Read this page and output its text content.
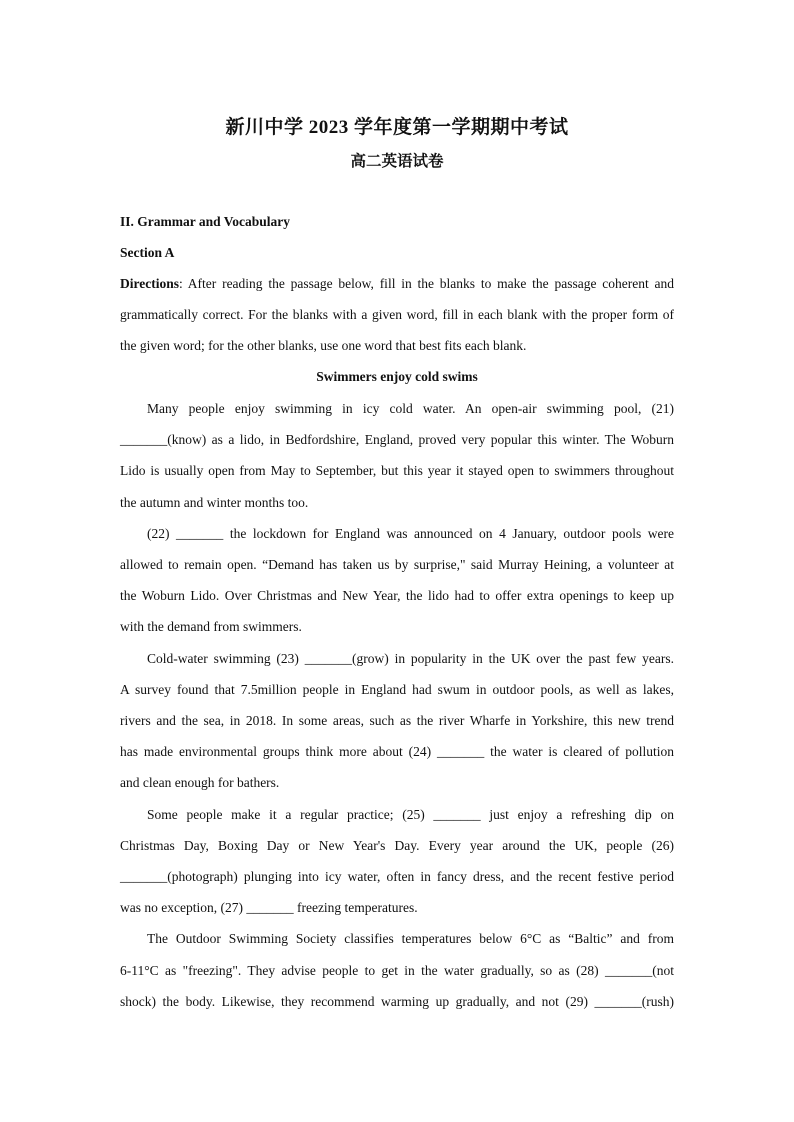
新川中学 2023 学年度第一学期期中考试
高二英语试卷
II. Grammar and Vocabulary
Section A

Directions: After reading the passage below, fill in the blanks to make the passage coherent and

grammatically correct. For the blanks with a given word, fill in each blank with the proper form of

the given word; for the other blanks, use one word that best fits each blank.

Swimmers enjoy cold swims

Many people enjoy swimming in icy cold water. An open-air swimming pool, (21)

_______(know) as a lido, in Bedfordshire, England, proved very popular this winter. The Woburn

Lido is usually open from May to September, but this year it stayed open to swimmers throughout

the autumn and winter months too.

(22) _______ the lockdown for England was announced on 4 January, outdoor pools were

allowed to remain open. “Demand has taken us by surprise," said Murray Heining, a volunteer at

the Woburn Lido. Over Christmas and New Year, the lido had to offer extra openings to keep up

with the demand from swimmers.

Cold-water swimming (23) _______(grow) in popularity in the UK over the past few years.

A survey found that 7.5million people in England had swum in outdoor pools, as well as lakes,

rivers and the sea, in 2018. In some areas, such as the river Wharfe in Yorkshire, this new trend

has made environmental groups think more about (24) _______ the water is cleared of pollution

and clean enough for bathers.

Some people make it a regular practice; (25) _______ just enjoy a refreshing dip on

Christmas Day, Boxing Day or New Year's Day. Every year around the UK, people (26)

_______(photograph) plunging into icy water, often in fancy dress, and the recent festive period

was no exception, (27) _______ freezing temperatures.

The Outdoor Swimming Society classifies temperatures below 6°C as “Baltic” and from

6-11°C as "freezing". They advise people to get in the water gradually, so as (28) _______(not

shock) the body. Likewise, they recommend warming up gradually, and not (29) _______(rush)
